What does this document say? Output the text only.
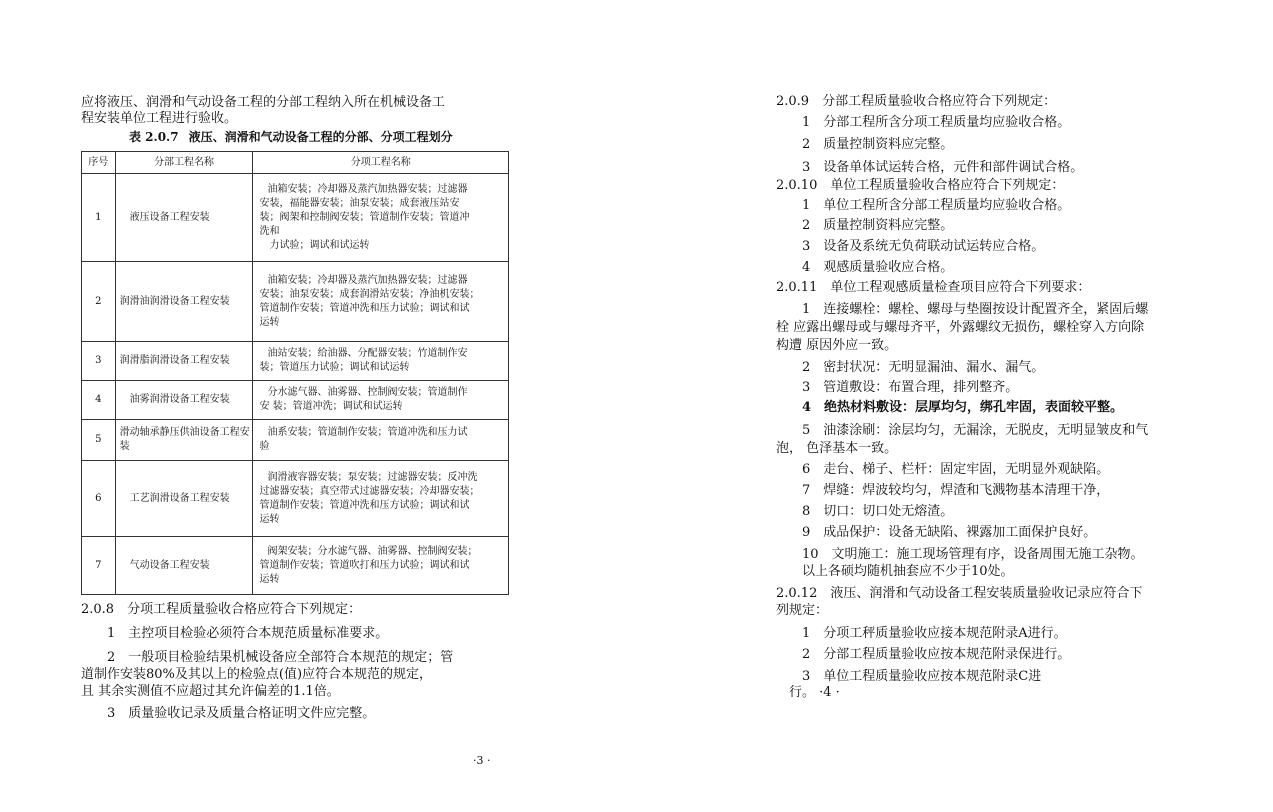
应将液压、润滑和气动设备工程的分部工程纳入所在机械设备工
程安装单位工程进行验收。
表 2.0.7 液压、润滑和气动设备工程的分部、分项工程划分
序号	分部工程名称	分项工程名称
1	液压设备工程安装	油箱安装；冷却器及蒸汽加热器安装；过滤器
安装，福能器安装；油泵安装；成套液压站安
装；阀架和控制阀安装；管道制作安装；管道冲
洗和
力试验；调试和试运转

2	润滑油润滑设备工程安装	油箱安装；冷却器及蒸汽加热器安装；过滤器
安装；油泵安装；成套润滑站安装；净油机安装；
管道制作安装；管道冲洗和压力试验；调试和试
运转

3	润滑脂润滑设备工程安装	油站安装；给油器、分配器安装；竹道制作安
装；管道压力试验；调试和试运转

4	油雾润滑设备工程安装	分水滤气器、油雾器、控制阀安装；管道制作
安 装；管道冲洗；调试和试运转

5	滑动轴承静压供油设备工程安装	油系安装；管道制作安装；管道冲洗和压力试
验

6	工艺润滑设备工程安装	润滑液容器安装；泵安装；过滤器安装；反冲洗
过滤器安装；真空带式过滤器安装；冷却器安装；
管道制作安装；管道冲洗和压方试验；调试和试
运转

7	气动设备工程安装	阀架安装；分水滤气器、油雾器、控制阀安装；
管道制作安装；管道吹打和压力试验；调试和试
运转
2.0.8　分项工程质量验收合格应符合下列规定：
　　1　主控项目检验必须符合本规范质量标准要求。
　　2　一般项目检验结果机械设备应全部符合本规范的规定；管
道制作安装80%及其以上的检验点(值)应符合本规范的规定，
且 其余实测值不应超过其允许偏差的1.1倍。
　　3　质量验收记录及质量合格证明文件应完整。
·3 ·
2.0.9　分部工程质量验收合格应符合下列规定：
　　1　分部工程所含分项工程质量均应验收合格。
　　2　质量控制资料应完整。
　　3　设备单体试运转合格，元件和部件调试合格。
2.0.10　单位工程质量验收合格应符合下列规定：
　　1　单位工程所含分部工程质量均应验收合格。
　　2　质量控制资料应完整。
　　3　设备及系统无负荷联动试运转应合格。
　　4　观感质量验收应合格。
2.0.11　单位工程观感质量检查项目应符合下列要求：
　　1　连接螺栓：螺栓、螺母与垫圈按设计配置齐全，紧固后螺
栓 应露出螺母或与螺母齐平，外露螺纹无损伤，螺栓穿入方向除
构遭 原因外应一致。
　　2　密封状况：无明显漏油、漏水、漏气。
　　3　管道敷设：布置合理，排列整齐。
　　4　绝热材料敷设：层厚均匀，绑孔牢固，表面较平整。
　　5　油漆涂刷：涂层均匀，无漏涂，无脱皮，无明显皱皮和气
泡， 色泽基本一致。
　　6　走台、梯子、栏杆：固定牢固，无明显外观缺陷。
　　7　焊缝：焊波较均匀，焊渣和飞溅物基本清理干净，
　　8　切口：切口处无熔渣。
　　9　成品保护：设备无缺陷、裸露加工面保护良好。
　　10　文明施工：施工现场管理有序，设备周围无施工杂物。
　　以上各硕均随机抽套应不少于10处。
2.0.12　液压、润滑和气动设备工程安装质量验收记录应符合下
列规定：
　　1　分项工秤质量验收应接本规范附录A进行。
　　2　分部工程质量验收应按本规范附录保进行。
　　3　单位工程质量验收应按本规范附录C进
　行。 ·4 ·
